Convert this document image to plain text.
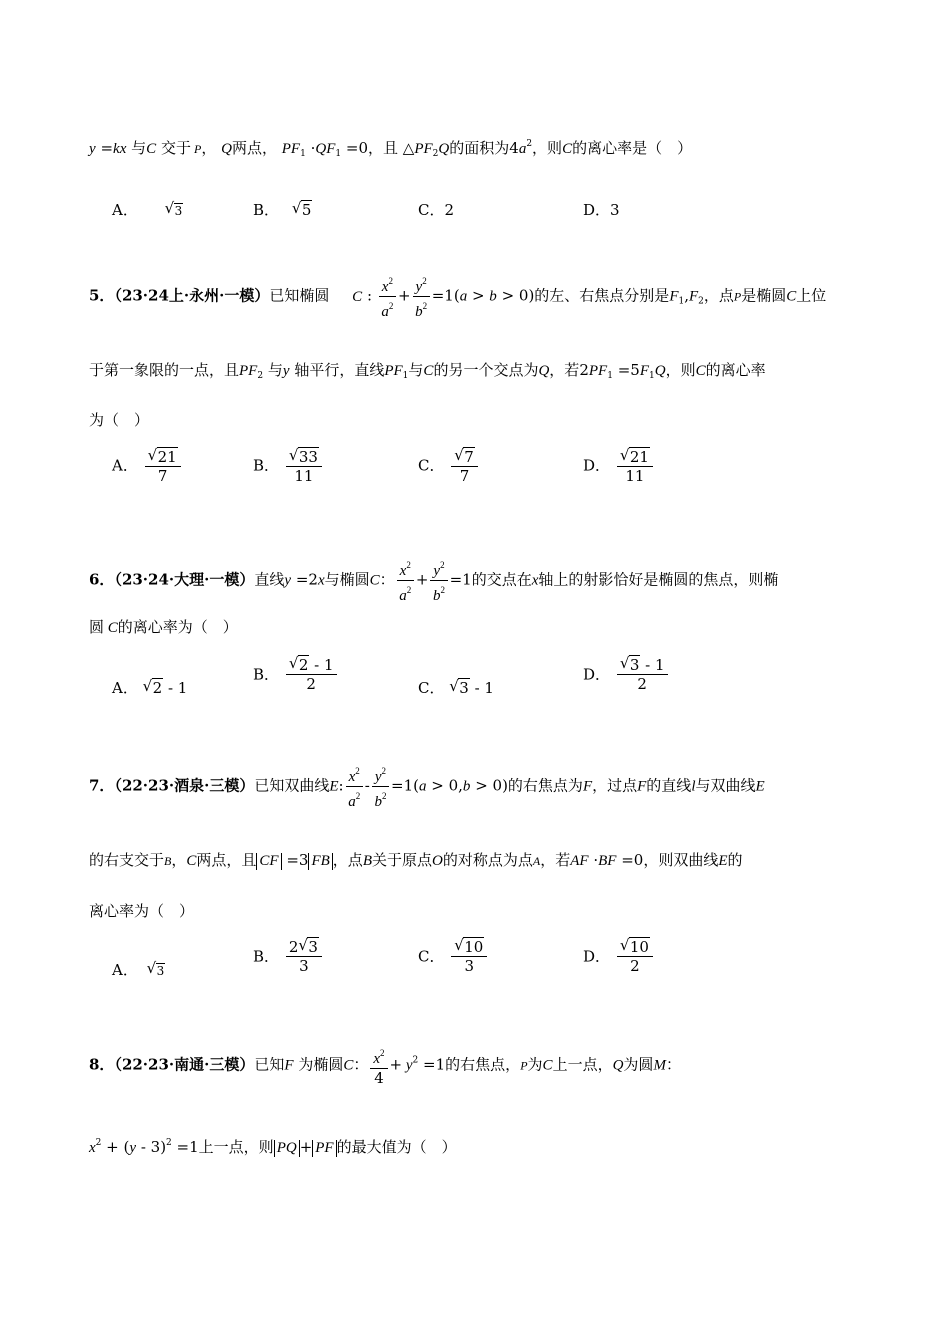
y =kx 与C 交于 P， Q两点， $PF_1 \cdot QF_1 =0$，且 $\triangle PF_2Q$的面积为$4a^2$，则C的离心率是（　）
A． √ 3	B． √ 5	C．2	D．3
5．（23·24上·永州·一模）已知椭圆 C : $\frac{x^2}{a^2} + \frac{y^2}{b^2} =1(a > b > 0)$的左、右焦点分别是$F_1,F_2$，点P是椭圆C上位
于第一象限的一点，且$PF_2$ 与y 轴平行，直线$PF_1$与C的另一个交点为Q，若$2PF_1 =5F_1Q$，则C的离心率
为（　）
A． $\frac{√ 21}{7}$	B． $\frac{√ 33}{11}$	C． $\frac{√ 7}{7}$	D． $\frac{√ 21}{11}$
6．（23·24·大理·一模）直线y =2x与椭圆C： $\frac{x^2}{a^2} + \frac{y^2}{b^2} =1$的交点在x轴上的射影恰好是椭圆的焦点，则椭
圆 C的离心率为（　）
A． √ 2 - 1
B． $\frac{√ 2 - 1}{2}$	C． √ 3 - 1
D． $\frac{√ 3 - 1}{2}$
7．（22·23·酒泉·三模）已知双曲线E: $\frac{x^2}{a^2} - \frac{y^2}{b^2} =1(a > 0,b > 0)$的右焦点为F，过点F的直线l与双曲线E
的右支交于B，C两点，且 CF =3 FB ，点B关于原点O的对称点为点A，若AF ·BF =0，则双曲线E的
离心率为（　）
A． √ 3
B． $\frac{2 √ 3}{3}$	C． $\frac{√ 10}{3}$	D． $\frac{√ 10}{2}$
8．（22·23·南通·三模）已知F 为椭圆C： $\frac{x^2}{4} + y^2 =1$的右焦点，P为C上一点，Q为圆M：
$x^2 + (y - 3)^2 =1$上一点，则 PQ + PF 的最大值为（　）
